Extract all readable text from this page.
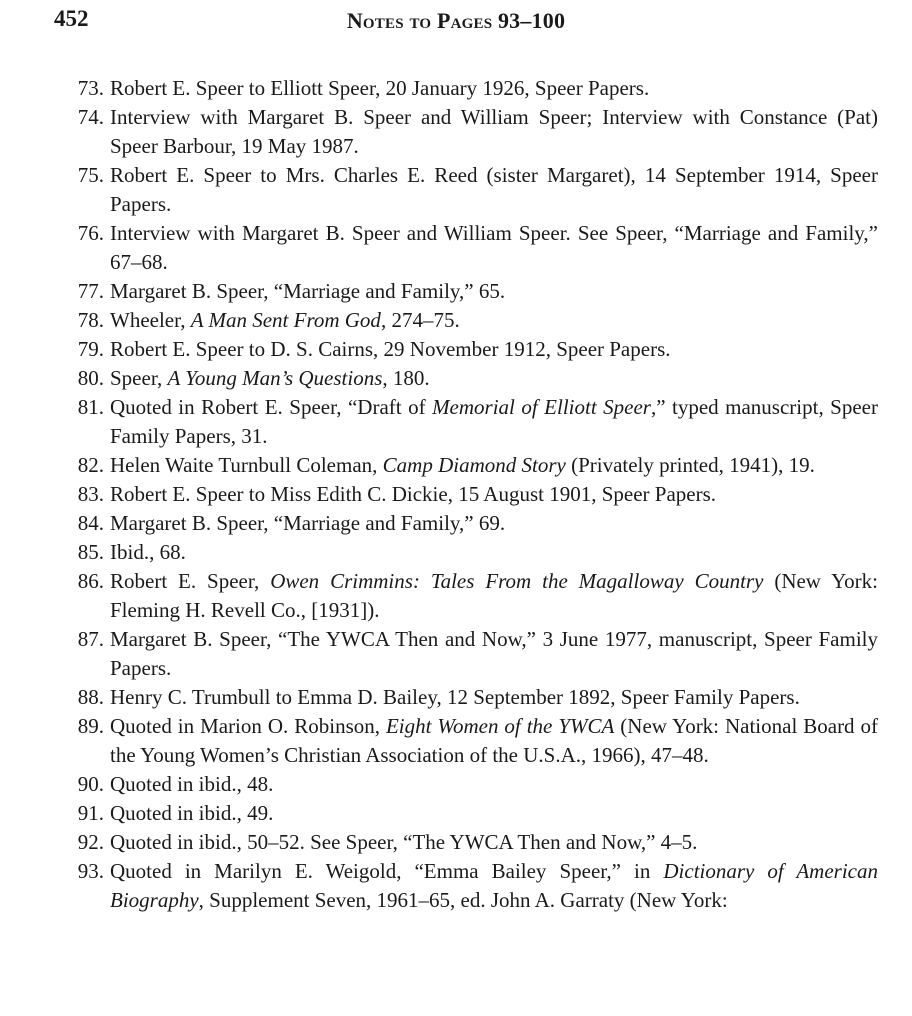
452	Notes to Pages 93–100
73. Robert E. Speer to Elliott Speer, 20 January 1926, Speer Papers.
74. Interview with Margaret B. Speer and William Speer; Interview with Constance (Pat) Speer Barbour, 19 May 1987.
75. Robert E. Speer to Mrs. Charles E. Reed (sister Margaret), 14 September 1914, Speer Papers.
76. Interview with Margaret B. Speer and William Speer. See Speer, “Marriage and Family,” 67–68.
77. Margaret B. Speer, “Marriage and Family,” 65.
78. Wheeler, A Man Sent From God, 274–75.
79. Robert E. Speer to D. S. Cairns, 29 November 1912, Speer Papers.
80. Speer, A Young Man’s Questions, 180.
81. Quoted in Robert E. Speer, “Draft of Memorial of Elliott Speer,” typed manuscript, Speer Family Papers, 31.
82. Helen Waite Turnbull Coleman, Camp Diamond Story (Privately printed, 1941), 19.
83. Robert E. Speer to Miss Edith C. Dickie, 15 August 1901, Speer Papers.
84. Margaret B. Speer, “Marriage and Family,” 69.
85. Ibid., 68.
86. Robert E. Speer, Owen Crimmins: Tales From the Magalloway Country (New York: Fleming H. Revell Co., [1931]).
87. Margaret B. Speer, “The YWCA Then and Now,” 3 June 1977, manuscript, Speer Family Papers.
88. Henry C. Trumbull to Emma D. Bailey, 12 September 1892, Speer Family Papers.
89. Quoted in Marion O. Robinson, Eight Women of the YWCA (New York: National Board of the Young Women’s Christian Association of the U.S.A., 1966), 47–48.
90. Quoted in ibid., 48.
91. Quoted in ibid., 49.
92. Quoted in ibid., 50–52. See Speer, “The YWCA Then and Now,” 4–5.
93. Quoted in Marilyn E. Weigold, “Emma Bailey Speer,” in Dictionary of American Biography, Supplement Seven, 1961–65, ed. John A. Garraty (New York:
